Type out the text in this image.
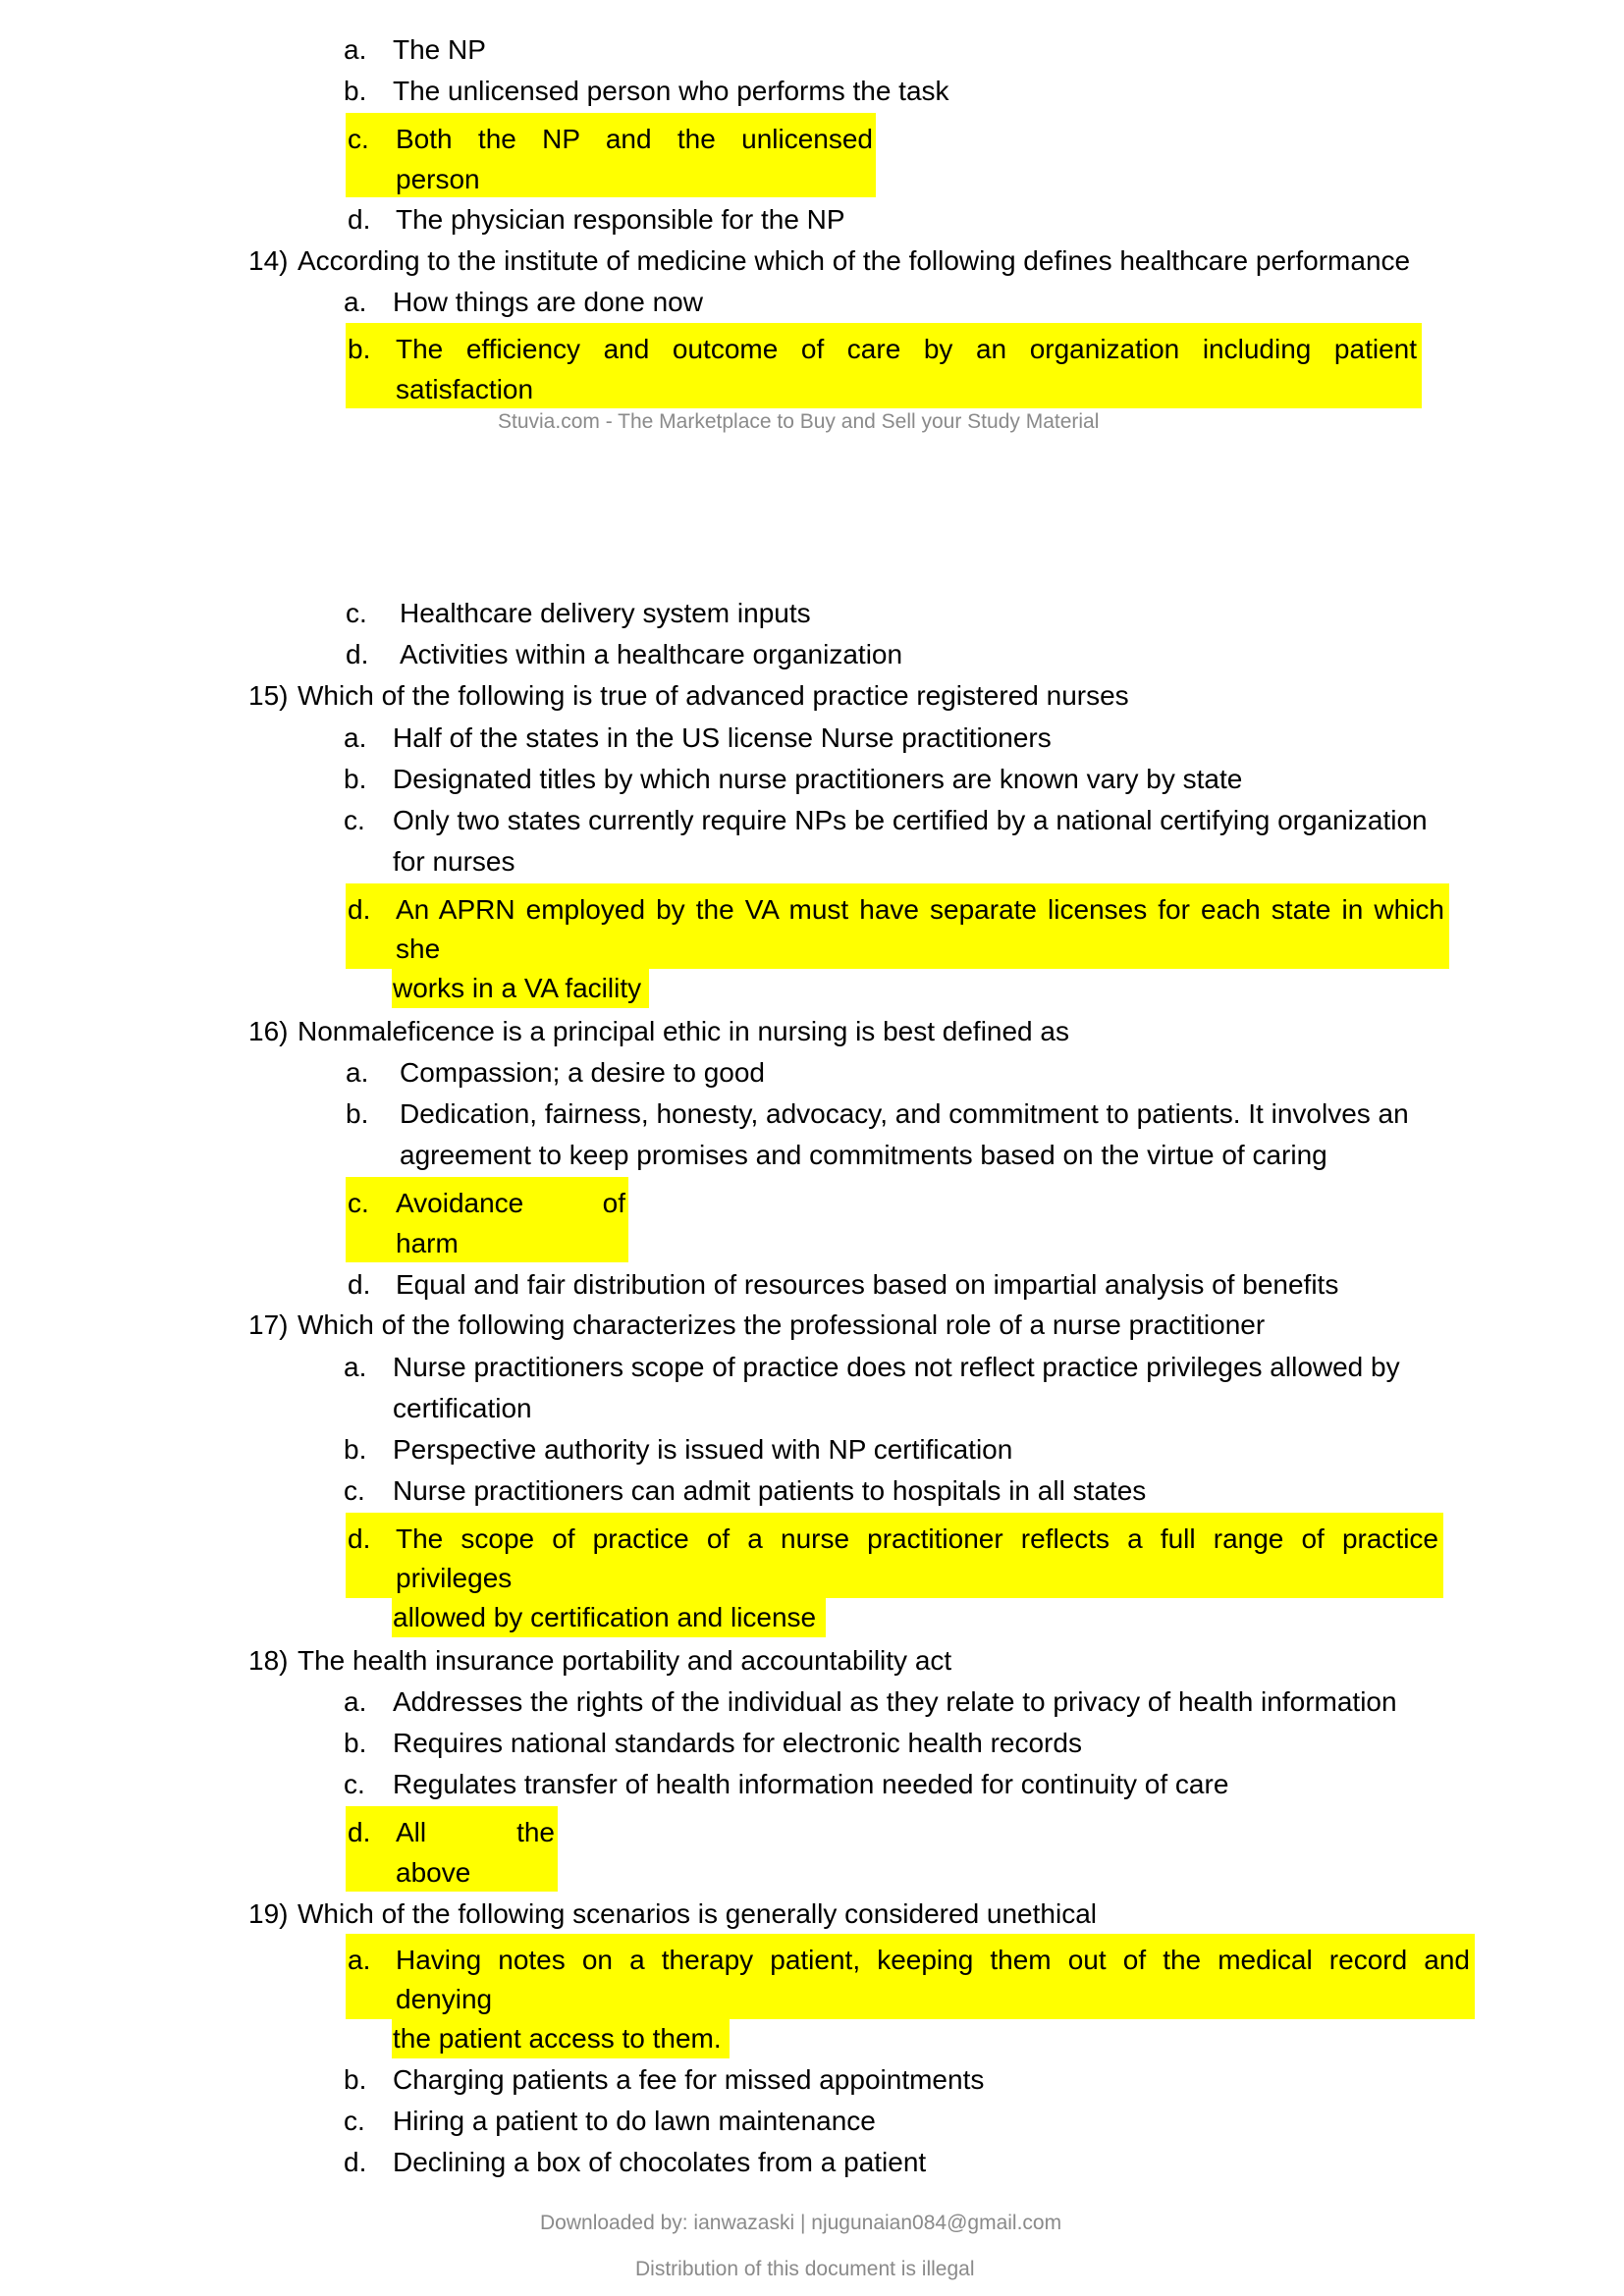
a. The NP
b. The unlicensed person who performs the task
c. Both the NP and the unlicensed
person
d. The physician responsible for the NP
14) According to the institute of medicine which of the following defines healthcare performance
a. How things are done now
b. The efficiency and outcome of care by an organization including patient
satisfaction
Stuvia.com - The Marketplace to Buy and Sell your Study Material
c. Healthcare delivery system inputs
d. Activities within a healthcare organization
15) Which of the following is true of advanced practice registered nurses
a. Half of the states in the US license Nurse practitioners
b. Designated titles by which nurse practitioners are known vary by state
c. Only two states currently require NPs be certified by a national certifying organization
for nurses
d. An APRN employed by the VA must have separate licenses for each state in which
she
works in a VA facility
16) Nonmaleficence is a principal ethic in nursing is best defined as
a. Compassion; a desire to good
b. Dedication, fairness, honesty, advocacy, and commitment to patients. It involves an
agreement to keep promises and commitments based on the virtue of caring
c. Avoidance of
harm
d. Equal and fair distribution of resources based on impartial analysis of benefits
17) Which of the following characterizes the professional role of a nurse practitioner
a. Nurse practitioners scope of practice does not reflect practice privileges allowed by
certification
b. Perspective authority is issued with NP certification
c. Nurse practitioners can admit patients to hospitals in all states
d. The scope of practice of a nurse practitioner reflects a full range of practice
privileges
allowed by certification and license
18) The health insurance portability and accountability act
a. Addresses the rights of the individual as they relate to privacy of health information
b. Requires national standards for electronic health records
c. Regulates transfer of health information needed for continuity of care
d. All the
above
19) Which of the following scenarios is generally considered unethical
a. Having notes on a therapy patient, keeping them out of the medical record and
denying
the patient access to them.
b. Charging patients a fee for missed appointments
c. Hiring a patient to do lawn maintenance
d. Declining a box of chocolates from a patient
Downloaded by: ianwazaski | njugunaian084@gmail.com
Distribution of this document is illegal
